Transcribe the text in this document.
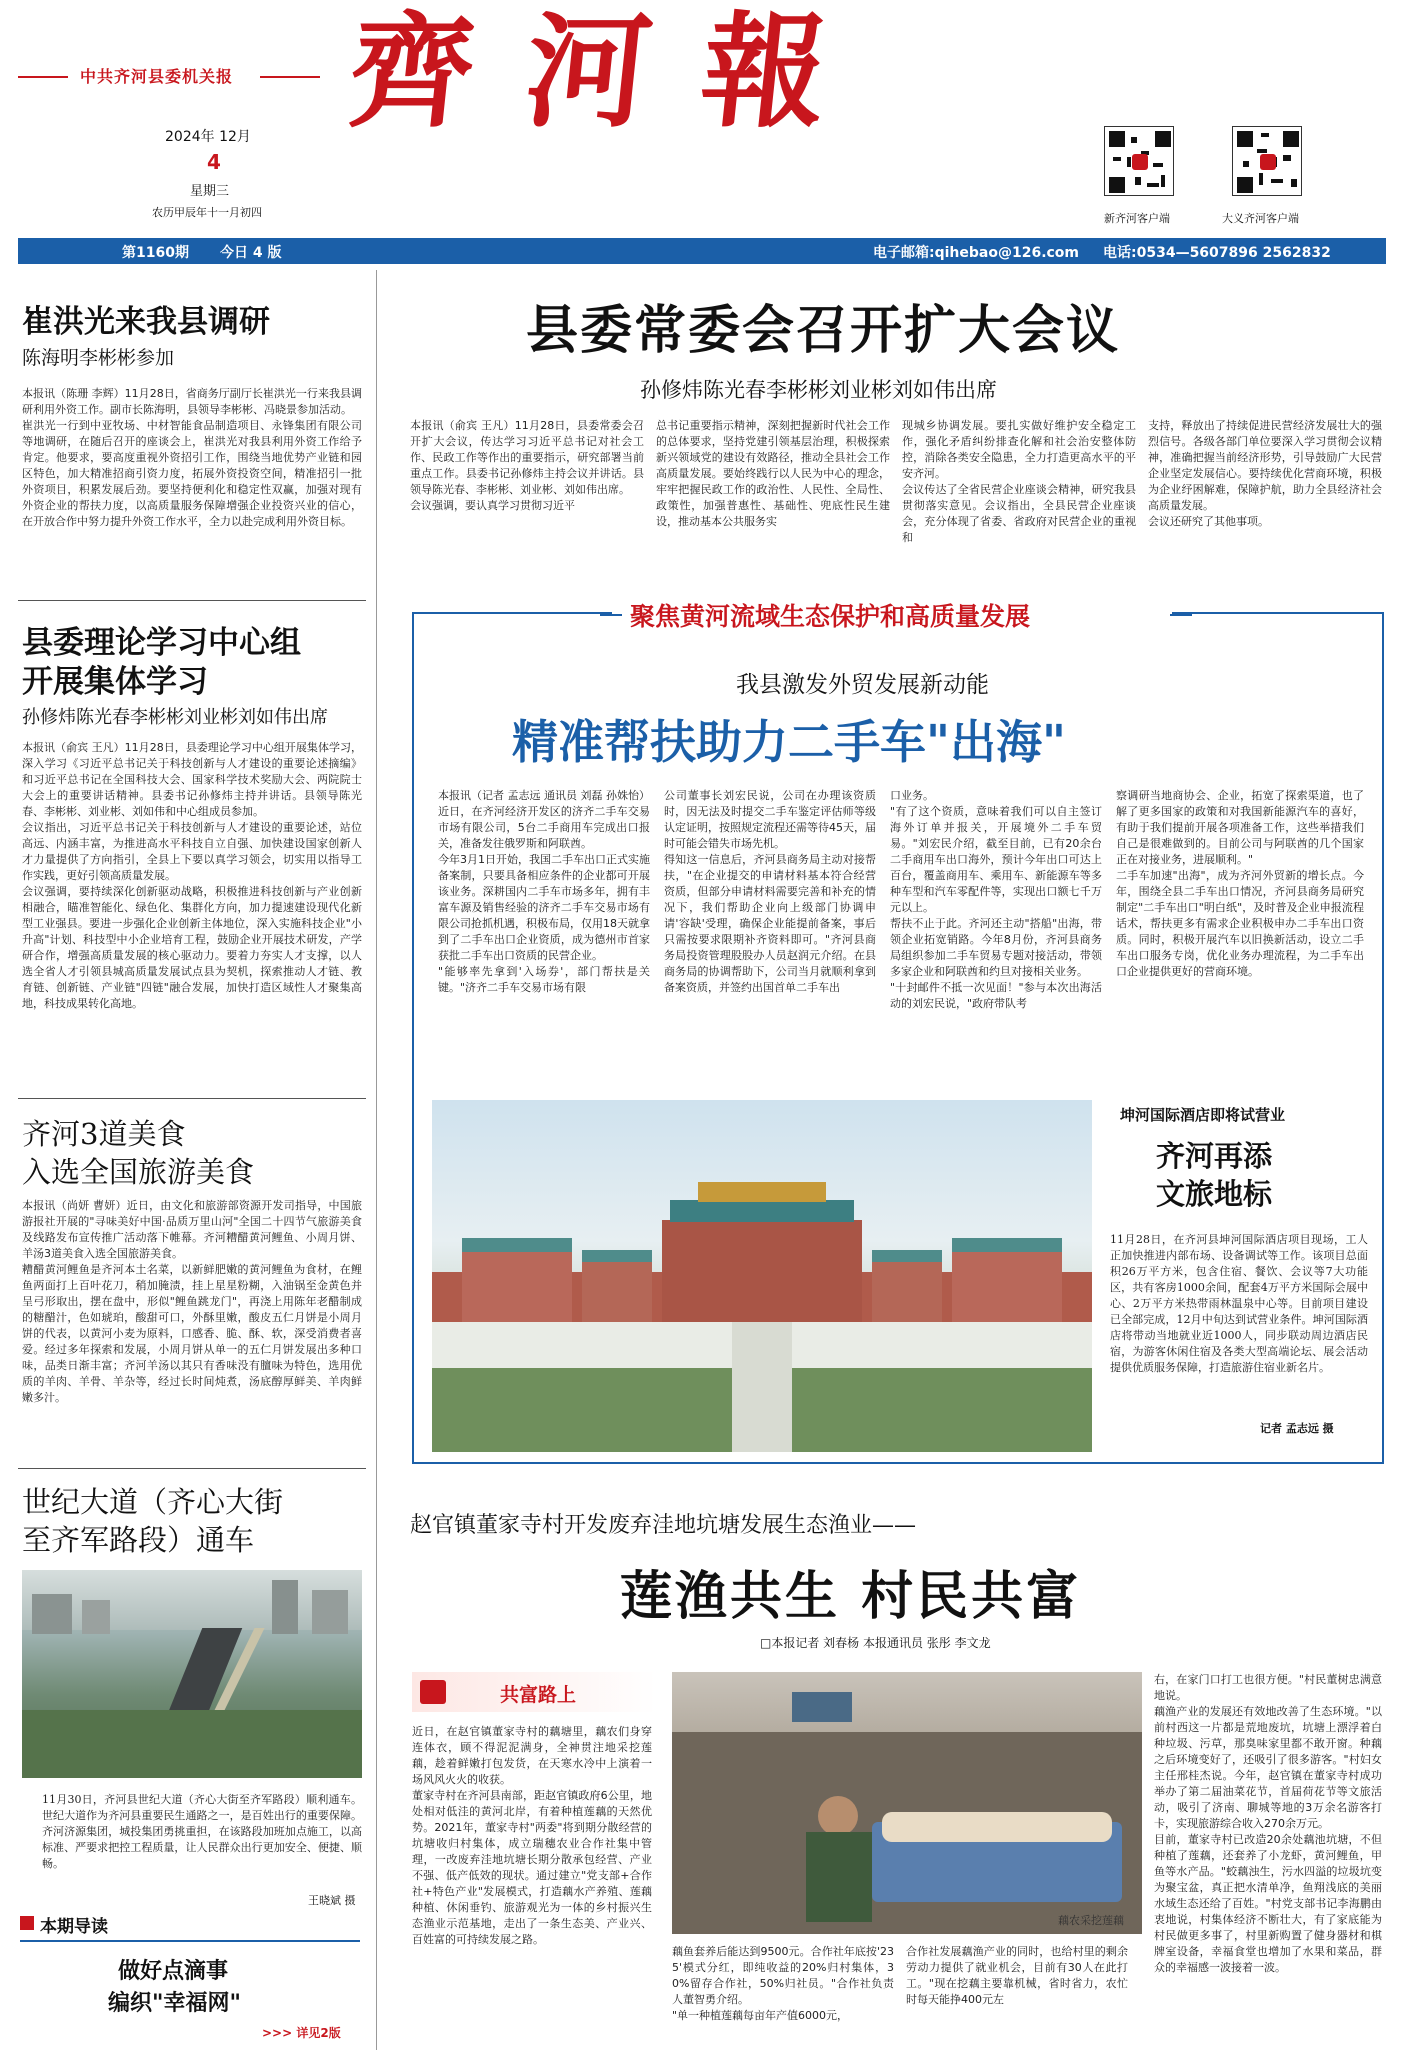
中共齐河县委机关报 齊河報
2024年 12月
4
星期三
农历甲辰年十一月初四	新齐河客户端	大义齐河客户端
第1160期 今日 4 版	电子邮箱:qihebao@126.com 电话:0534—5607896 2562832
崔洪光来我县调研
陈海明李彬彬参加
本报讯（陈珊 李辉）11月28日，省商务厅副厅长崔洪光一行来我县调研利用外资工作。副市长陈海明，县领导李彬彬、冯晓景参加活动。
崔洪光一行到中亚牧场、中材智能食品制造项目、永锋集团有限公司等地调研，在随后召开的座谈会上，崔洪光对我县利用外资工作给予肯定。他要求，要高度重视外资招引工作，围绕当地优势产业链和园区特色，加大精准招商引资力度，拓展外资投资空间，精准招引一批外资项目，积累发展后劲。要坚持便利化和稳定性双赢，加强对现有外资企业的帮扶力度，以高质量服务保障增强企业投资兴业的信心，在开放合作中努力提升外资工作水平，全力以赴完成利用外资目标。
县委理论学习中心组
开展集体学习
孙修炜陈光春李彬彬刘业彬刘如伟出席
本报讯（俞宾 王凡）11月28日，县委理论学习中心组开展集体学习，深入学习《习近平总书记关于科技创新与人才建设的重要论述摘编》和习近平总书记在全国科技大会、国家科学技术奖励大会、两院院士大会上的重要讲话精神。县委书记孙修炜主持并讲话。县领导陈光春、李彬彬、刘业彬、刘如伟和中心组成员参加。
会议指出，习近平总书记关于科技创新与人才建设的重要论述，站位高远、内涵丰富，为推进高水平科技自立自强、加快建设国家创新人才力量提供了方向指引，全县上下要以真学习领会，切实用以指导工作实践，更好引领高质量发展。
会议强调，要持续深化创新驱动战略，积极推进科技创新与产业创新相融合，瞄准智能化、绿色化、集群化方向，加力提速建设现代化新型工业强县。要进一步强化企业创新主体地位，深入实施科技企业"小升高"计划、科技型中小企业培育工程，鼓励企业开展技术研发，产学研合作，增强高质量发展的核心驱动力。要着力夯实人才支撑，以人选全省人才引领县城高质量发展试点县为契机，探索推动人才链、教育链、创新链、产业链"四链"融合发展，加快打造区域性人才聚集高地，科技成果转化高地。
齐河3道美食
入选全国旅游美食
本报讯（尚妍 曹妍）近日，由文化和旅游部资源开发司指导，中国旅游报社开展的"寻味美好中国·品质万里山河"全国二十四节气旅游美食及线路发布宣传推广活动落下帷幕。齐河糟醋黄河鲤鱼、小周月饼、羊汤3道美食入选全国旅游美食。
糟醋黄河鲤鱼是齐河本土名菜，以新鲜肥嫩的黄河鲤鱼为食材，在鲤鱼两面打上百叶花刀，稍加腌渍，挂上星星粉糊，入油锅至金黄色并呈弓形取出，摆在盘中，形似"鲤鱼跳龙门"，再浇上用陈年老醋制成的糖醋汁，色如琥珀，酸甜可口，外酥里嫩，酸皮五仁月饼是小周月饼的代表，以黄河小麦为原料，口感香、脆、酥、软，深受消费者喜爱。经过多年探索和发展，小周月饼从单一的五仁月饼发展出多种口味，品类日渐丰富；齐河羊汤以其只有香味没有膻味为特色，选用优质的羊肉、羊骨、羊杂等，经过长时间炖煮，汤底醇厚鲜美、羊肉鲜嫩多汁。
世纪大道（齐心大街
至齐军路段）通车
11月30日，齐河县世纪大道（齐心大街至齐军路段）顺利通车。世纪大道作为齐河县重要民生通路之一，是百姓出行的重要保障。齐河济源集团，城投集团勇挑重担，在该路段加班加点施工，以高标准、严要求把控工程质量，让人民群众出行更加安全、便捷、顺畅。
王晓斌 摄
本期导读
做好点滴事
编织"幸福网"
>>> 详见2版
县委常委会召开扩大会议
孙修炜陈光春李彬彬刘业彬刘如伟出席
本报讯（俞宾 王凡）11月28日，县委常委会召开扩大会议，传达学习习近平总书记对社会工作、民政工作等作出的重要指示，研究部署当前重点工作。县委书记孙修炜主持会议并讲话。县领导陈光春、李彬彬、刘业彬、刘如伟出席。
会议强调，要认真学习贯彻习近平
总书记重要指示精神，深刻把握新时代社会工作的总体要求，坚持党建引领基层治理，积极探索新兴领域党的建设有效路径，推动全县社会工作高质量发展。要始终践行以人民为中心的理念，牢牢把握民政工作的政治性、人民性、全局性、政策性，加强普惠性、基础性、兜底性民生建设，推动基本公共服务实
现城乡协调发展。要扎实做好维护安全稳定工作，强化矛盾纠纷排查化解和社会治安整体防控，消除各类安全隐患，全力打造更高水平的平安齐河。
会议传达了全省民营企业座谈会精神，研究我县贯彻落实意见。会议指出，全县民营企业座谈会，充分体现了省委、省政府对民营企业的重视和
支持，释放出了持续促进民营经济发展壮大的强烈信号。各级各部门单位要深入学习贯彻会议精神，准确把握当前经济形势，引导鼓励广大民营企业坚定发展信心。要持续优化营商环境，积极为企业纾困解难，保障护航，助力全县经济社会高质量发展。
会议还研究了其他事项。
聚焦黄河流域生态保护和高质量发展
我县激发外贸发展新动能
精准帮扶助力二手车"出海"
本报讯（记者 孟志远 通讯员 刘磊 孙姝怡）近日，在齐河经济开发区的济齐二手车交易市场有限公司，5台二手商用车完成出口报关，准备发往俄罗斯和阿联酋。
今年3月1日开始，我国二手车出口正式实施备案制，只要具备相应条件的企业都可开展该业务。深耕国内二手车市场多年，拥有丰富车源及销售经验的济齐二手车交易市场有限公司抢抓机遇，积极布局，仅用18天就拿到了二手车出口企业资质，成为德州市首家获批二手车出口资质的民营企业。
"能够率先拿到'入场券'，部门帮扶是关键。"济齐二手车交易市场有限
公司董事长刘宏民说，公司在办理该资质时，因无法及时提交二手车鉴定评估师等级认定证明，按照规定流程还需等待45天，届时可能会错失市场先机。
得知这一信息后，齐河县商务局主动对接帮扶，"在企业提交的申请材料基本符合经营资质，但部分申请材料需要完善和补充的情况下，我们帮助企业向上级部门协调申请'容缺'受理，确保企业能提前备案，事后只需按要求限期补齐资料即可。"齐河县商务局投资管理股股办人员赵润元介绍。在县商务局的协调帮助下，公司当月就顺利拿到备案资质，并签约出国首单二手车出
口业务。
"有了这个资质，意味着我们可以自主签订海外订单并报关，开展境外二手车贸易。"刘宏民介绍，截至目前，已有20余台二手商用车出口海外，预计今年出口可达上百台，覆盖商用车、乘用车、新能源车等多种车型和汽车零配件等，实现出口额七千万元以上。
帮扶不止于此。齐河还主动"搭船"出海，带领企业拓宽销路。今年8月份，齐河县商务局组织参加二手车贸易专题对接活动，带领多家企业和阿联酋和约旦对接相关业务。
"十封邮件不抵一次见面！"参与本次出海活动的刘宏民说，"政府带队考
察调研当地商协会、企业，拓宽了探索渠道，也了解了更多国家的政策和对我国新能源汽车的喜好，有助于我们提前开展各项准备工作，这些举措我们自己是很难做到的。目前公司与阿联酋的几个国家正在对接业务，进展顺利。"
二手车加速"出海"，成为齐河外贸新的增长点。今年，围绕全县二手车出口情况，齐河县商务局研究制定"二手车出口"明白纸"，及时普及企业申报流程话术，帮扶更多有需求企业积极申办二手车出口资质。同时，积极开展汽车以旧换新活动，设立二手车出口服务专岗，优化业务办理流程，为二手车出口企业提供更好的营商环境。
坤河国际酒店即将试营业
齐河再添
文旅地标
11月28日，在齐河县坤河国际酒店项目现场，工人正加快推进内部布场、设备调试等工作。该项目总面积26万平方米，包含住宿、餐饮、会议等7大功能区，共有客房1000余间，配套4万平方米国际会展中心、2万平方米热带雨林温泉中心等。目前项目建设已全部完成，12月中旬达到试营业条件。坤河国际酒店将带动当地就业近1000人，同步联动周边酒店民宿，为游客休闲住宿及各类大型高端论坛、展会活动提供优质服务保障，打造旅游住宿业新名片。
记者 孟志远 摄
赵官镇董家寺村开发废弃洼地坑塘发展生态渔业——
莲渔共生 村民共富
□本报记者 刘春杨 本报通讯员 张彤 李文龙
共富路上
近日，在赵官镇董家寺村的藕塘里，藕农们身穿连体衣，顾不得泥泥满身，全神贯注地采挖莲藕，趁着鲜嫩打包发货，在天寒水冷中上演着一场风风火火的收获。
董家寺村在齐河县南部，距赵官镇政府6公里，地处相对低洼的黄河北岸，有着种植莲藕的天然优势。2021年，董家寺村"两委"将到期分散经营的坑塘收归村集体，成立瑞穗农业合作社集中管理，一改废弃洼地坑塘长期分散承包经营、产业不强、低产低效的现状。通过建立"党支部+合作社+特色产业"发展模式，打造藕水产养殖、莲藕种植、休闲垂钓、旅游观光为一体的乡村振兴生态渔业示范基地，走出了一条生态美、产业兴、百姓富的可持续发展之路。
藕农采挖莲藕
藕鱼套养后能达到9500元。合作社年底按'235'模式分红，即纯收益的20%归村集体，30%留存合作社，50%归社员。"合作社负责人董智勇介绍。
"单一种植莲藕每亩年产值6000元，
合作社发展藕渔产业的同时，也给村里的剩余劳动力提供了就业机会，目前有30人在此打工。"现在挖藕主要靠机械，省时省力，农忙时每天能挣400元左
右，在家门口打工也很方便。"村民董树忠满意地说。
藕渔产业的发展还有效地改善了生态环境。"以前村西这一片都是荒地废坑，坑塘上漂浮着白种垃圾、污草，那臭味家里都不敢开窗。种藕之后环境变好了，还吸引了很多游客。"村妇女主任邢桂杰说。今年，赵官镇在董家寺村成功举办了第二届油菜花节，首届荷花节等文旅活动，吸引了济南、聊城等地的3万余名游客打卡，实现旅游综合收入270余万元。
目前，董家寺村已改造20余处藕池坑塘，不但种植了莲藕，还套养了小龙虾，黄河鲤鱼，甲鱼等水产品。"蛟藕浊生，污水四溢的垃圾坑变为聚宝盆，真正把水清单净，鱼翔浅底的美丽水域生态还给了百姓。"村党支部书记李海鹏由衷地说，村集体经济不断壮大，有了家底能为村民做更多事了，村里新购置了健身器材和棋牌室设备，幸福食堂也增加了水果和菜品，群众的幸福感一波接着一波。
